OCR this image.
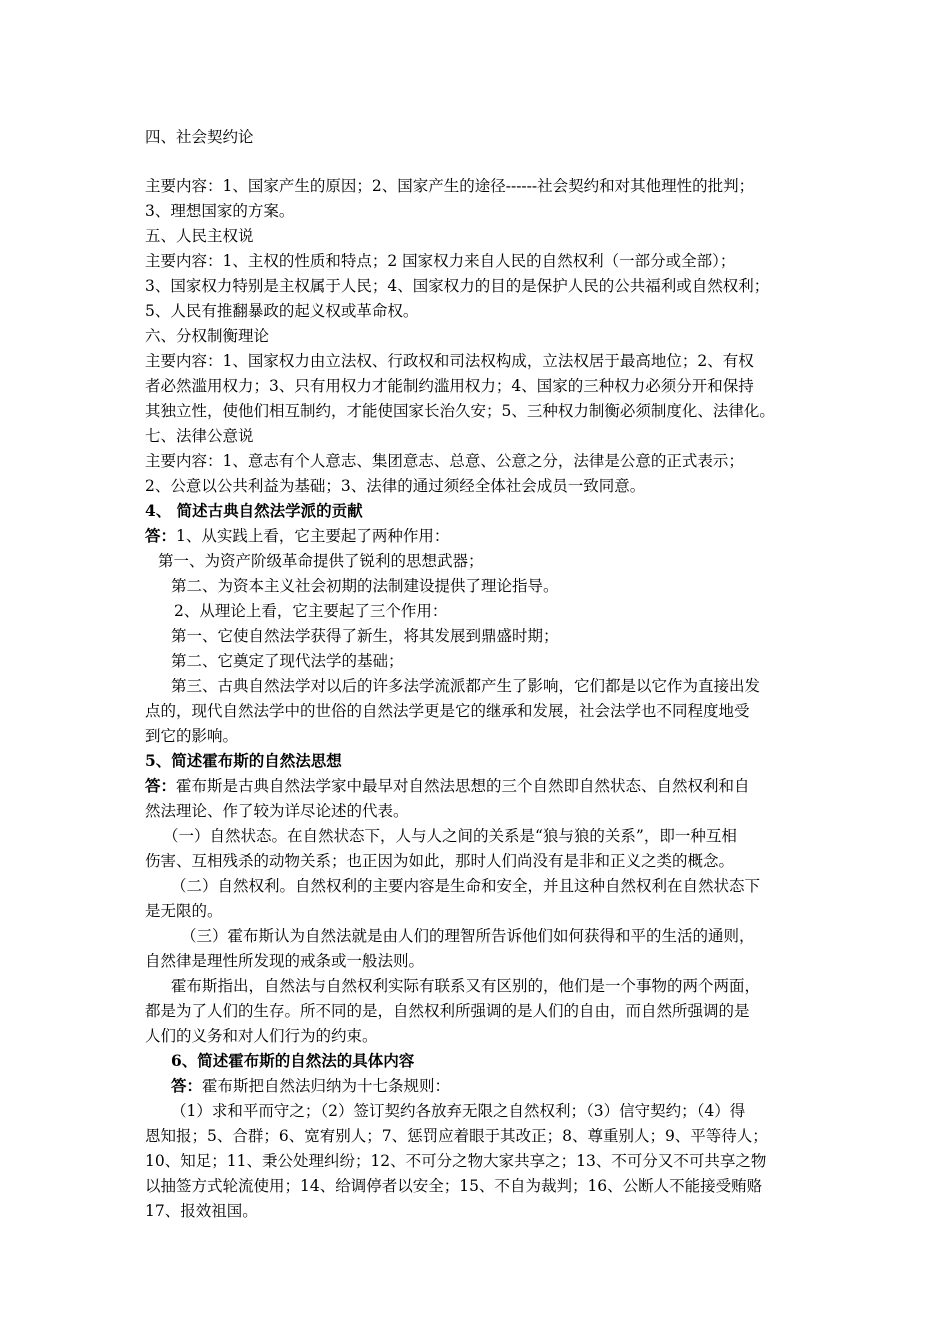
四、社会契约论
主要内容：1、国家产生的原因；2、国家产生的途径------社会契约和对其他理性的批判；
3、理想国家的方案。
五、人民主权说
主要内容：1、主权的性质和特点；2 国家权力来自人民的自然权利（一部分或全部）；
3、国家权力特别是主权属于人民；4、国家权力的目的是保护人民的公共福利或自然权利；
5、人民有推翻暴政的起义权或革命权。
六、分权制衡理论
主要内容：1、国家权力由立法权、行政权和司法权构成，立法权居于最高地位；2、有权
者必然滥用权力；3、只有用权力才能制约滥用权力；4、国家的三种权力必须分开和保持
其独立性，使他们相互制约，才能使国家长治久安；5、三种权力制衡必须制度化、法律化。
七、法律公意说
主要内容：1、意志有个人意志、集团意志、总意、公意之分，法律是公意的正式表示；
2、公意以公共利益为基础；3、法律的通过须经全体社会成员一致同意。
4、 简述古典自然法学派的贡献
答：1、从实践上看，它主要起了两种作用：
第一、为资产阶级革命提供了锐利的思想武器；
第二、为资本主义社会初期的法制建设提供了理论指导。
2、从理论上看，它主要起了三个作用：
第一、它使自然法学获得了新生，将其发展到鼎盛时期；
第二、它奠定了现代法学的基础；
第三、古典自然法学对以后的许多法学流派都产生了影响，它们都是以它作为直接出发
点的，现代自然法学中的世俗的自然法学更是它的继承和发展，社会法学也不同程度地受
到它的影响。
5、简述霍布斯的自然法思想
答：霍布斯是古典自然法学家中最早对自然法思想的三个自然即自然状态、自然权利和自
然法理论、作了较为详尽论述的代表。
（一）自然状态。在自然状态下，人与人之间的关系是“狼与狼的关系”，即一种互相
伤害、互相残杀的动物关系；也正因为如此，那时人们尚没有是非和正义之类的概念。
（二）自然权利。自然权利的主要内容是生命和安全，并且这种自然权利在自然状态下
是无限的。
（三）霍布斯认为自然法就是由人们的理智所告诉他们如何获得和平的生活的通则，
自然律是理性所发现的戒条或一般法则。
霍布斯指出，自然法与自然权利实际有联系又有区别的，他们是一个事物的两个两面，
都是为了人们的生存。所不同的是，自然权利所强调的是人们的自由，而自然所强调的是
人们的义务和对人们行为的约束。
6、简述霍布斯的自然法的具体内容
答：霍布斯把自然法归纳为十七条规则：
（1）求和平而守之；（2）签订契约各放弃无限之自然权利；（3）信守契约；（4）得
恩知报；5、合群；6、宽宥别人；7、惩罚应着眼于其改正；8、尊重别人；9、平等待人；
10、知足；11、秉公处理纠纷；12、不可分之物大家共享之；13、不可分又不可共享之物
以抽签方式轮流使用；14、给调停者以安全；15、不自为裁判；16、公断人不能接受贿赂
17、报效祖国。
